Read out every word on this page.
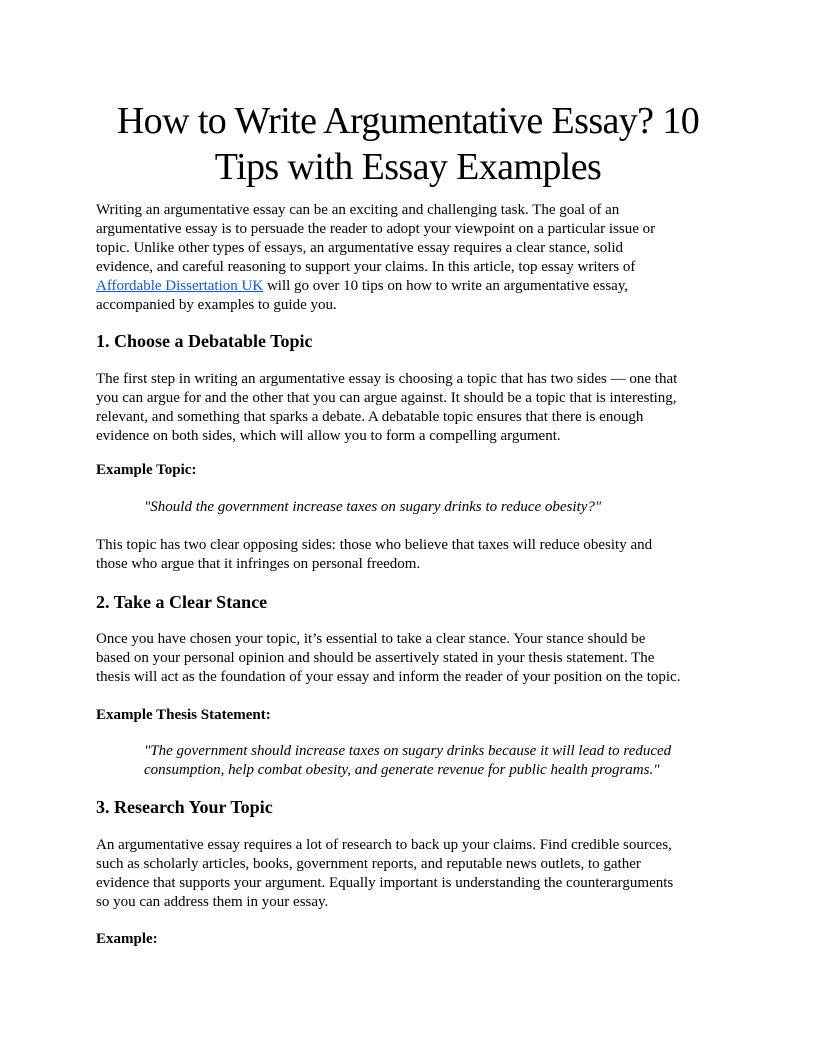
How to Write Argumentative Essay? 10
Tips with Essay Examples

Writing an argumentative essay can be an exciting and challenging task. The goal of an
argumentative essay is to persuade the reader to adopt your viewpoint on a particular issue or
topic. Unlike other types of essays, an argumentative essay requires a clear stance, solid
evidence, and careful reasoning to support your claims. In this article, top essay writers of
Affordable Dissertation UK will go over 10 tips on how to write an argumentative essay,
accompanied by examples to guide you.

1. Choose a Debatable Topic

The first step in writing an argumentative essay is choosing a topic that has two sides — one that
you can argue for and the other that you can argue against. It should be a topic that is interesting,
relevant, and something that sparks a debate. A debatable topic ensures that there is enough
evidence on both sides, which will allow you to form a compelling argument.

Example Topic:

"Should the government increase taxes on sugary drinks to reduce obesity?"

This topic has two clear opposing sides: those who believe that taxes will reduce obesity and
those who argue that it infringes on personal freedom.

2. Take a Clear Stance

Once you have chosen your topic, it’s essential to take a clear stance. Your stance should be
based on your personal opinion and should be assertively stated in your thesis statement. The
thesis will act as the foundation of your essay and inform the reader of your position on the topic.

Example Thesis Statement:

"The government should increase taxes on sugary drinks because it will lead to reduced
consumption, help combat obesity, and generate revenue for public health programs."

3. Research Your Topic

An argumentative essay requires a lot of research to back up your claims. Find credible sources,
such as scholarly articles, books, government reports, and reputable news outlets, to gather
evidence that supports your argument. Equally important is understanding the counterarguments
so you can address them in your essay.

Example:
